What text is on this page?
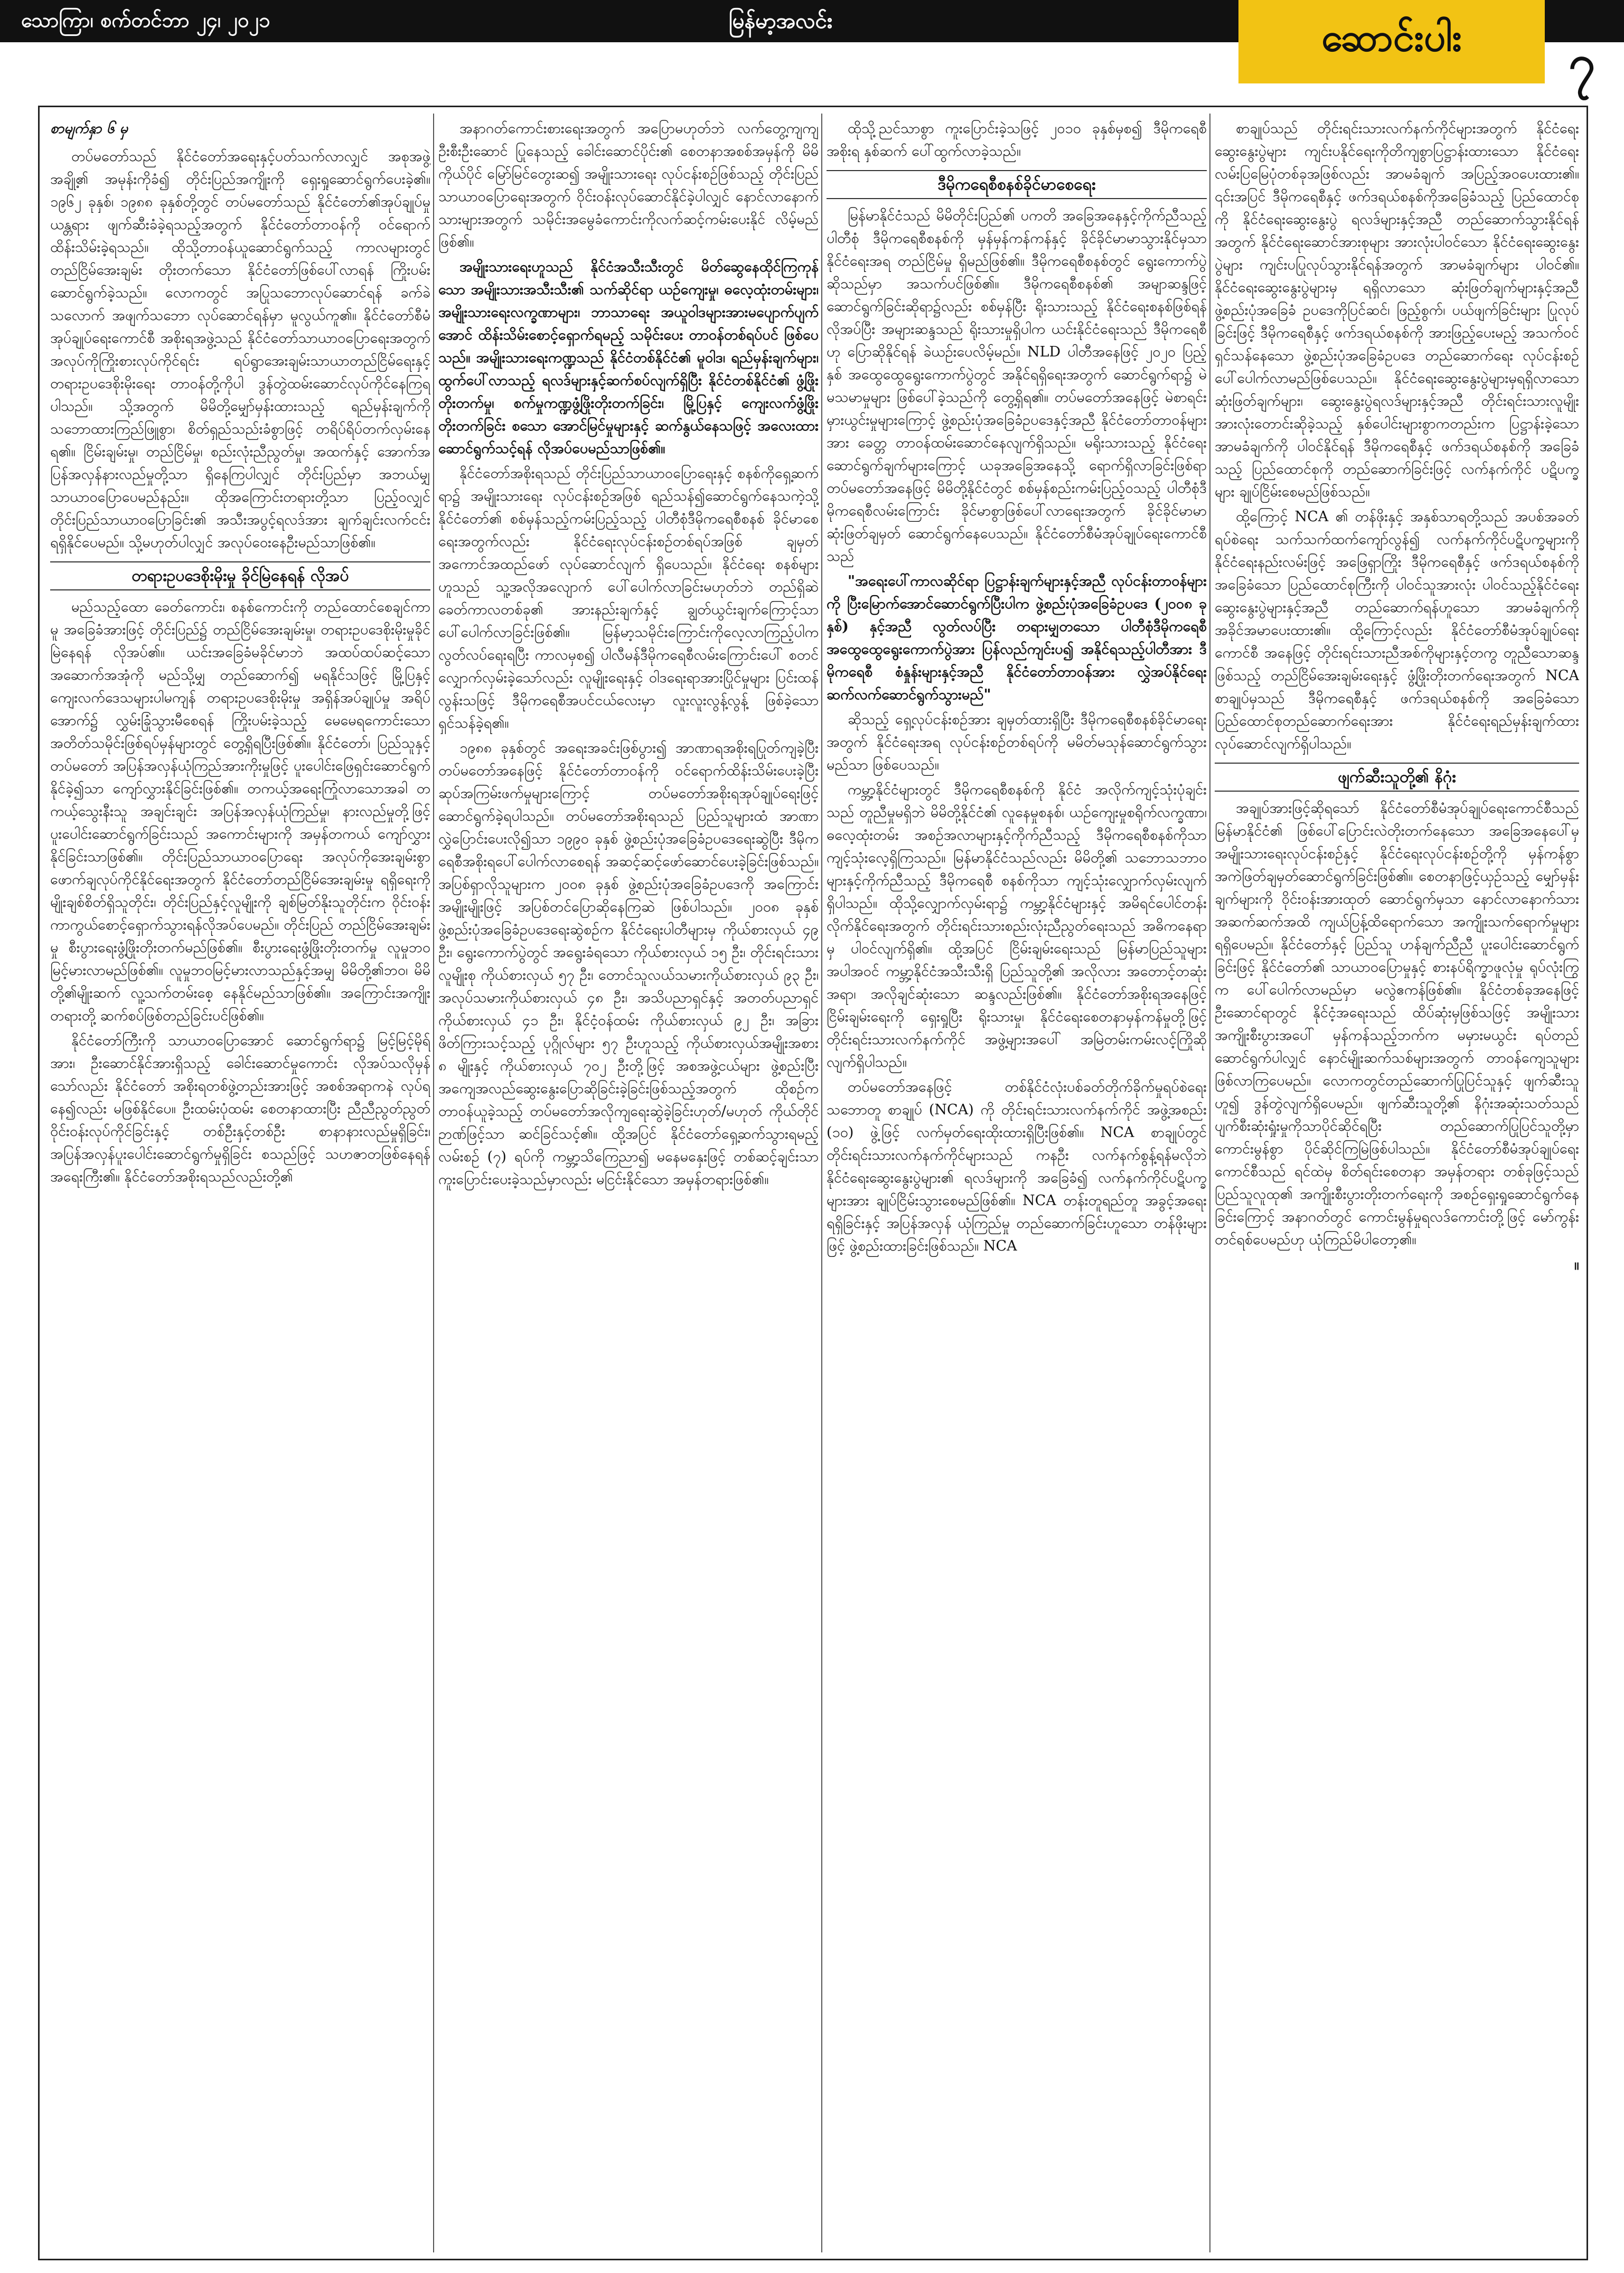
သောကြာ၊ စက်တင်ဘာ ၂၄၊ ၂၀၂၁	မြန်မာ့အလင်း	ဆောင်းပါး	၇

စာမျက်နှာ ၆ မှ

တပ်မတော်သည် နိုင်ငံတော်အရေးနှင့်ပတ်သက်လာလျှင် အစုအဖွဲ့အချို့၏ အမုန်းကိုခံ၍ တိုင်းပြည်အကျိုးကို ရှေးရှုဆောင်ရွက်ပေးခဲ့၏။ ၁၉၆၂ ခုနှစ်၊ ၁၉၈၈ ခုနှစ်တို့တွင် တပ်မတော်သည် နိုင်ငံတော်၏အုပ်ချုပ်မှုယန္တရား ဖျက်ဆီးခံခဲ့ရသည့်အတွက် နိုင်ငံတော်တာဝန်ကို ဝင်ရောက်ထိန်းသိမ်းခဲ့ရသည်။ ထိုသို့တာဝန်ယူဆောင်ရွက်သည့် ကာလများတွင် တည်ငြိမ်အေးချမ်း တိုးတက်သော နိုင်ငံတော်ဖြစ်ပေါ်လာရန် ကြိုးပမ်းဆောင်ရွက်ခဲ့သည်။ လောကတွင် အပြုသဘောလုပ်ဆောင်ရန် ခက်ခဲသလောက် အဖျက်သဘော လုပ်ဆောင်ရန်မှာ မူလွယ်ကူ၏။ နိုင်ငံတော်စီမံအုပ်ချုပ်ရေးကောင်စီ အစိုးရအဖွဲ့သည် နိုင်ငံတော်သာယာဝပြောရေးအတွက် အလုပ်ကိုကြိုးစားလုပ်ကိုင်ရင်း ရပ်ရွာအေးချမ်းသာယာတည်ငြိမ်ရေးနှင့် တရားဥပဒေစိုးမိုးရေး တာဝန်တို့ကိုပါ ဒွန်တွဲထမ်းဆောင်လုပ်ကိုင်နေကြရပါသည်။ သို့အတွက် မိမိတို့မျှော်မှန်းထားသည့် ရည်မှန်းချက်ကို သဘောထားကြည်ဖြူစွာ၊ စိတ်ရှည်သည်းခံစွာဖြင့် တရိပ်ရိပ်တက်လှမ်းနေရ၏။ ငြိမ်းချမ်းမှု၊ တည်ငြိမ်မှု၊ စည်းလုံးညီညွတ်မှု၊ အထက်နှင့် အောက်အပြန်အလှန်နားလည်မှုတို့သာ ရှိနေကြပါလျှင် တိုင်းပြည်မှာ အဘယ်မျှ သာယာဝပြောပေမည်နည်း။ ထိုအကြောင်းတရားတို့သာ ပြည့်ဝလျှင် တိုင်းပြည်သာယာဝပြောခြင်း၏ အသီးအပွင့်ရလဒ်အား ချက်ချင်းလက်ငင်း ရရှိနိုင်ပေမည်။ သို့မဟုတ်ပါလျှင် အလုပ်ဝေးနေဦးမည်သာဖြစ်၏။

တရားဥပဒေစိုးမိုးမှု ခိုင်မြဲနေရန် လိုအပ်

မည်သည့်ထော ခေတ်ကောင်း၊ စနစ်ကောင်းကို တည်ထောင်စေချင်ကာမူ အခြေခံအားဖြင့် တိုင်းပြည်၌ တည်ငြိမ်အေးချမ်းမှု၊ တရားဥပဒေစိုးမိုးမှုခိုင်မြဲနေရန် လိုအပ်၏။ ယင်းအခြေခံမခိုင်မာဘဲ အထပ်ထပ်ဆင့်သော အဆောက်အအုံကို မည်သို့မျှ တည်ဆောက်၍ မရနိုင်သဖြင့် မြို့ပြနှင့် ကျေးလက်ဒေသများပါမကျန် တရားဥပဒေစိုးမိုးမှု အရှိန်အပ်ချုပ်မှု အရိပ်အောက်၌ လွှမ်းခြုံသွားမီစေရန် ကြိုးပမ်းခဲ့သည့် မေမေရကောင်းသော အတိတ်သမိုင်းဖြစ်ရပ်မှန်များတွင် တွေ့ရှိရပြီးဖြစ်၏။ နိုင်ငံတော်၊ ပြည်သူနှင့်တပ်မတော် အပြန်အလှန်ယုံကြည်အားကိုးမှုဖြင့် ပူးပေါင်းဖြေရှင်းဆောင်ရွက်နိုင်ခဲ့၍သာ ကျော်လွှားနိုင်ခြင်းဖြစ်၏။ တကယ့်အရေးကြုံလာသောအခါ တကယ့်သွေးနီးသူ အချင်းချင်း အပြန်အလှန်ယုံကြည်မှု၊ နားလည်မှုတို့ဖြင့် ပူးပေါင်းဆောင်ရွက်ခြင်းသည် အကောင်းများကို အမှန်တကယ် ကျော်လွှားနိုင်ခြင်းသာဖြစ်၏။ တိုင်းပြည်သာယာဝပြောရေး အလုပ်ကိုအေးချမ်းစွာ ဖောက်ချလုပ်ကိုင်နိုင်ရေးအတွက် နိုင်ငံတော်တည်ငြိမ်အေးချမ်းမှု ရရှိရေးကို မျိုးချစ်စိတ်ရှိသူတိုင်း၊ တိုင်းပြည်နှင့်လူမျိုးကို ချစ်မြတ်နိုးသူတိုင်းက ဝိုင်းဝန်း ကာကွယ်စောင့်ရှောက်သွားရန်လိုအပ်ပေမည်။ တိုင်းပြည် တည်ငြိမ်အေးချမ်းမှု စီးပွားရေးဖွံ့ဖြိုးတိုးတက်မည်ဖြစ်၏။ စီးပွားရေးဖွံ့ဖြိုးတိုးတက်မှု လူမှုဘဝမြင့်မားလာမည်ဖြစ်၏။ လူမှုဘဝမြင့်မားလာသည်နှင့်အမျှ မိမိတို့၏ဘဝ၊ မိမိတို့၏မျိုးဆက် လူ့သက်တမ်းစေ့ နေနိုင်မည်သာဖြစ်၏။ အကြောင်းအကျိုးတရားတို့ ဆက်စပ်ဖြစ်တည်ခြင်းပင်ဖြစ်၏။

နိုင်ငံတော်ကြီးကို သာယာဝပြောအောင် ဆောင်ရွက်ရာ၌ မြင့်မြင့်မိုရ်အား၊ ဦးဆောင်နိုင်အားရှိသည့် ခေါင်းဆောင်မှုကောင်း လိုအပ်သလိုမှန်သော်လည်း နိုင်ငံတော် အစိုးရတစ်ဖွဲ့တည်းအားဖြင့် အစစ်အရာကနဲ လုပ်ရနေ၍လည်း မဖြစ်နိုင်ပေ။ ဦးထမ်းပုံထမ်း စေတနာထားပြီး ညီညီညွတ်ညွတ် ဝိုင်းဝန်းလုပ်ကိုင်ခြင်းနှင့် တစ်ဦးနှင့်တစ်ဦး စာနာနားလည်မှုရှိခြင်း၊ အပြန်အလှန်ပူးပေါင်းဆောင်ရွက်မှုရှိခြင်း စသည်ဖြင့် သဟဇာတဖြစ်နေရန် အရေးကြီး၏။ နိုင်ငံတော်အစိုးရသည်လည်းတို့၏

အနာဂတ်ကောင်းစားရေးအတွက် အပြောမဟုတ်ဘဲ လက်တွေ့ကျကျ ဦးစီးဦးဆောင် ပြုနေသည့် ခေါင်းဆောင်ပိုင်း၏ စေတနာအစစ်အမှန်ကို မိမိကိုယ်ပိုင် မြော်မြင်တွေးဆ၍ အမျိုးသားရေး လုပ်ငန်းစဉ်ဖြစ်သည့် တိုင်းပြည်သာယာဝပြောရေးအတွက် ဝိုင်းဝန်းလုပ်ဆောင်နိုင်ခဲ့ပါလျှင် နောင်လာနောက်သားများအတွက် သမိုင်းအမွေခံကောင်းကိုလက်ဆင့်ကမ်းပေးနိုင် လိမ့်မည်ဖြစ်၏။

အမျိုးသားရေးဟူသည် နိုင်ငံအသီးသီးတွင် မိတ်ဆွေနေထိုင်ကြကုန်သော အမျိုးသားအသီးသီး၏ သက်ဆိုင်ရာ ယဉ်ကျေးမှု၊ ဓလေ့ထုံးတမ်းများ၊ အမျိုးသားရေးလက္ခဏာများ၊ ဘာသာရေး အယူဝါဒများအားမပျောက်ပျက်အောင် ထိန်းသိမ်းစောင့်ရှောက်ရမည့် သမိုင်းပေး တာဝန်တစ်ရပ်ပင် ဖြစ်ပေသည်။ အမျိုးသားရေးကဏ္ဍသည် နိုင်ငံတစ်နိုင်ငံ၏ မူဝါဒ၊ ရည်မှန်းချက်များ၊ ထွက်ပေါ်လာသည့် ရလဒ်များနှင့်ဆက်စပ်လျက်ရှိပြီး နိုင်ငံတစ်နိုင်ငံ၏ ဖွံ့ဖြိုးတိုးတက်မှု၊ စက်မှုကဏ္ဍဖွံ့ဖြိုးတိုးတက်ခြင်း၊ မြို့ပြနှင့် ကျေးလက်ဖွံ့ဖြိုးတိုးတက်ခြင်း စသော အောင်မြင်မှုများနှင့် ဆက်နွယ်နေသဖြင့် အလေးထား ဆောင်ရွက်သင့်ရန် လိုအပ်ပေမည်သာဖြစ်၏။

နိုင်ငံတော်အစိုးရသည် တိုင်းပြည်သာယာဝပြောရေးနှင့် စနစ်ကိုရှေ့ဆက်ရာ၌ အမျိုးသားရေး လုပ်ငန်းစဉ်အဖြစ် ရည်သန်၍ဆောင်ရွက်နေသကဲ့သို့ နိုင်ငံတော်၏ စစ်မှန်သည့်ကမ်းပြည့်သည့် ပါတီစုံဒီမိုကရေစီစနစ် ခိုင်မာစေရေးအတွက်လည်း နိုင်ငံရေးလုပ်ငန်းစဉ်တစ်ရပ်အဖြစ် ချမှတ်အကောင်အထည်ဖော် လုပ်ဆောင်လျက် ရှိပေသည်။ နိုင်ငံရေး စနစ်များဟူသည် သူ့အလိုအလျောက် ပေါ်ပေါက်လာခြင်းမဟုတ်ဘဲ တည်ရှိဆဲခေတ်ကာလတစ်ခု၏ အားနည်းချက်နှင့် ချွတ်ယွင်းချက်ကြောင့်သာ ပေါ်ပေါက်လာခြင်းဖြစ်၏။ မြန်မာ့သမိုင်းကြောင်းကိုလေ့လာကြည့်ပါက လွတ်လပ်ရေးရပြီး ကာလမှစ၍ ပါလီမန်ဒီမိုကရေစီလမ်းကြောင်းပေါ် စတင်လျှောက်လှမ်းခဲ့သော်လည်း လူမျိုးရေးနှင့် ဝါဒရေးရာအားပြိုင်မှုများ ပြင်းထန်လွန်းသဖြင့် ဒီမိုကရေစီအပင်ငယ်လေးမှာ လူးလူးလွန့်လွန့် ဖြစ်ခဲ့သော ရှင်သန်ခဲ့ရ၏။

၁၉၈၈ ခုနှစ်တွင် အရေးအခင်းဖြစ်ပွား၍ အာဏာရအစိုးရပြုတ်ကျခဲ့ပြီး တပ်မတော်အနေဖြင့် နိုင်ငံတော်တာဝန်ကို ဝင်ရောက်ထိန်းသိမ်းပေးခဲ့ပြီး ဆုပ်အကြမ်းဖက်မှုများကြောင့် တပ်မတော်အစိုးရအုပ်ချုပ်ရေးဖြင့် ဆောင်ရွက်ခဲ့ရပါသည်။ တပ်မတော်အစိုးရသည် ပြည်သူများထံ အာဏာလွှဲပြောင်းပေးလို၍သာ ၁၉၉၀ ခုနှစ် ဖွဲ့စည်းပုံအခြေခံဥပဒေရေးဆွဲပြီး ဒီမိုကရေစီအစိုးရပေါ်ပေါက်လာစေရန် အဆင့်ဆင့်ဖော်ဆောင်ပေးခဲ့ခြင်းဖြစ်သည်။ အပြစ်ရှာလိုသူများက ၂၀၀၈ ခုနှစ် ဖွဲ့စည်းပုံအခြေခံဥပဒေကို အကြောင်းအမျိုးမျိုးဖြင့် အပြစ်တင်ပြောဆိုနေကြဆဲ ဖြစ်ပါသည်။ ၂၀၀၈ ခုနှစ် ဖွဲ့စည်းပုံအခြေခံဥပဒေရေးဆွဲစဉ်က နိုင်ငံရေးပါတီများမှ ကိုယ်စားလှယ် ၄၉ ဦး၊ ရွေးကောက်ပွဲတွင် အရွေးခံရသော ကိုယ်စားလှယ် ၁၅ ဦး၊ တိုင်းရင်းသားလူမျိုးစု ကိုယ်စားလှယ် ၅၇ ဦး၊ တောင်သူလယ်သမားကိုယ်စားလှယ် ၉၃ ဦး၊ အလုပ်သမားကိုယ်စားလှယ် ၄၈ ဦး၊ အသိပညာရှင်နှင့် အတတ်ပညာရှင် ကိုယ်စားလှယ် ၄၁ ဦး၊ နိုင်ငံ့ဝန်ထမ်း ကိုယ်စားလှယ် ၉၂ ဦး၊ အခြားဖိတ်ကြားသင့်သည့် ပုဂ္ဂိုလ်များ ၅၇ ဦးဟူသည့် ကိုယ်စားလှယ်အမျိုးအစား ၈ မျိုးနှင့် ကိုယ်စားလှယ် ၇၀၂ ဦးတို့ဖြင့် အစအဖွဲ့ငယ်များ ဖွဲ့စည်းပြီး အကျေအလည်ဆွေးနွေးပြောဆိုခြင်းခဲ့ခြင်းဖြစ်သည့်အတွက် ထိုစဉ်က တာဝန်ယူခဲ့သည့် တပ်မတော်အလိုကျရေးဆွဲခဲ့ခြင်းဟုတ်/မဟုတ် ကိုယ်တိုင်ဉာဏ်ဖြင့်သာ ဆင်ခြင်သင့်၏။ ထို့အပြင် နိုင်ငံတော်ရှေ့ဆက်သွားရမည့် လမ်းစဉ် (၇) ရပ်ကို ကမ္ဘာ့သိကြေညာ၍ မနေမနှေးဖြင့် တစ်ဆင့်ချင်းသာ ကူးပြောင်းပေးခဲ့သည်မှာလည်း မငြင်းနိုင်သော အမှန်တရားဖြစ်၏။

ထိုသို့ညင်သာစွာ ကူးပြောင်းခဲ့သဖြင့် ၂၀၁၀ ခုနှစ်မှစ၍ ဒီမိုကရေစီအစိုးရ နှစ်ဆက် ပေါ်ထွက်လာခဲ့သည်။

ဒီမိုကရေစီစနစ်ခိုင်မာစေရေး

မြန်မာနိုင်ငံသည် မိမိတိုင်းပြည်၏ ပကတိ အခြေအနေနှင့်ကိုက်ညီသည့် ပါတီစုံ ဒီမိုကရေစီစနစ်ကို မှန်မှန်ကန်ကန်နှင့် ခိုင်ခိုင်မာမာသွားနိုင်မှသာ နိုင်ငံရေးအရ တည်ငြိမ်မှု ရှိမည်ဖြစ်၏။ ဒီမိုကရေစီစနစ်တွင် ရွေးကောက်ပွဲဆိုသည်မှာ အသက်ပင်ဖြစ်၏။ ဒီမိုကရေစီစနစ်၏ အမျာဆန္ဒဖြင့် ဆောင်ရွက်ခြင်းဆိုရာ၌လည်း စစ်မှန်ပြီး ရိုးသားသည့် နိုင်ငံရေးစနစ်ဖြစ်ရန် လိုအပ်ပြီး အများဆန္ဒသည် ရိုးသားမှုရှိပါက ယင်းနိုင်ငံရေးသည် ဒီမိုကရေစီဟု ပြောဆိုနိုင်ရန် ခဲယဉ်းပေလိမ့်မည်။ NLD ပါတီအနေဖြင့် ၂၀၂၀ ပြည့်နှစ် အထွေထွေရွေးကောက်ပွဲတွင် အနိုင်ရရှိရေးအတွက် ဆောင်ရွက်ရာ၌ မဲမသမာမှုများ ဖြစ်ပေါ်ခဲ့သည်ကို တွေ့ရှိရ၏။ တပ်မတော်အနေဖြင့် မဲစာရင်းမှားယွင်းမှုများကြောင့် ဖွဲ့စည်းပုံအခြေခံဥပဒေနှင့်အညီ နိုင်ငံတော်တာဝန်များအား ခေတ္တ တာဝန်ထမ်းဆောင်နေလျက်ရှိသည်။ မရိုးသားသည့် နိုင်ငံရေးဆောင်ရွက်ချက်များကြောင့် ယခုအခြေအနေသို့ ရောက်ရှိလာခြင်းဖြစ်ရာ တပ်မတော်အနေဖြင့် မိမိတို့နိုင်ငံတွင် စစ်မှန်စည်းကမ်းပြည့်ဝသည့် ပါတီစုံဒီမိုကရေစီလမ်းကြောင်း ခိုင်မာစွာဖြစ်ပေါ်လာရေးအတွက် ခိုင်ခိုင်မာမာ ဆုံးဖြတ်ချမှတ် ဆောင်ရွက်နေပေသည်။ နိုင်ငံတော်စီမံအုပ်ချုပ်ရေးကောင်စီသည်

"အရေးပေါ်ကာလဆိုင်ရာ ပြဋ္ဌာန်းချက်များနှင့်အညီ လုပ်ငန်းတာဝန်များကို ပြီးမြောက်အောင်ဆောင်ရွက်ပြီးပါက ဖွဲ့စည်းပုံအခြေခံဥပဒေ (၂၀၀၈ ခုနှစ်) နှင့်အညီ လွတ်လပ်ပြီး တရားမျှတသော ပါတီစုံဒီမိုကရေစီ အထွေထွေရွေးကောက်ပွဲအား ပြန်လည်ကျင်းပ၍ အနိုင်ရသည့်ပါတီအား ဒီမိုကရေစီ စံနှုန်းများနှင့်အညီ နိုင်ငံတော်တာဝန်အား လွှဲအပ်နိုင်ရေး ဆက်လက်ဆောင်ရွက်သွားမည်"

ဆိုသည့် ရှေ့လုပ်ငန်းစဉ်အား ချမှတ်ထားရှိပြီး ဒီမိုကရေစီစနစ်ခိုင်မာရေးအတွက် နိုင်ငံရေးအရ လုပ်ငန်းစဉ်တစ်ရပ်ကို မမိတ်မသုန်ဆောင်ရွက်သွားမည်သာ ဖြစ်ပေသည်။

ကမ္ဘာ့နိုင်ငံများတွင် ဒီမိုကရေစီစနစ်ကို နိုင်ငံ အလိုက်ကျင့်သုံးပုံချင်းသည် တူညီမှုမရှိဘဲ မိမိတို့နိုင်ငံ၏ လူနေမှုစနစ်၊ ယဉ်ကျေးမှုစရိုက်လက္ခဏာ၊ ဓလေ့ထုံးတမ်း အစဉ်အလာများနှင့်ကိုက်ညီသည့် ဒီမိုကရေစီစနစ်ကိုသာ ကျင့်သုံးလေ့ရှိကြသည်။ မြန်မာနိုင်ငံသည်လည်း မိမိတို့၏ သဘောသဘာဝများနှင့်ကိုက်ညီသည့် ဒီမိုကရေစီ စနစ်ကိုသာ ကျင့်သုံးလျှောက်လှမ်းလျက် ရှိပါသည်။ ထိုသို့လျှောက်လှမ်းရာ၌ ကမ္ဘာ့နိုင်ငံများနှင့် အမိရင်ပေါင်တန်းလိုက်နိုင်ရေးအတွက် တိုင်းရင်းသားစည်းလုံးညီညွတ်ရေးသည် အဓိကနေရာမှ ပါဝင်လျက်ရှိ၏။ ထို့အပြင် ငြိမ်းချမ်းရေးသည် မြန်မာပြည်သူများ အပါအဝင် ကမ္ဘာ့နိုင်ငံအသီးသီးရှိ ပြည်သူတို့၏ အလိုလား အတောင့်တဆုံးအရာ၊ အလိုချင်ဆုံးသော ဆန္ဒလည်းဖြစ်၏။ နိုင်ငံတော်အစိုးရအနေဖြင့် ငြိမ်းချမ်းရေးကို ရှေးရှုပြီး ရိုးသားမှု၊ နိုင်ငံရေးစေတနာမှန်ကန်မှုတို့ဖြင့် တိုင်းရင်းသားလက်နက်ကိုင် အဖွဲ့များအပေါ် အမြဲတမ်းကမ်းလင့်ကြိုဆိုလျက်ရှိပါသည်။

တပ်မတော်အနေဖြင့် တစ်နိုင်ငံလုံးပစ်ခတ်တိုက်ခိုက်မှုရပ်စဲရေးသဘောတူ စာချုပ် (NCA) ကို တိုင်းရင်းသားလက်နက်ကိုင် အဖွဲ့အစည်း (၁၀) ဖွဲ့ဖြင့် လက်မှတ်ရေးထိုးထားရှိပြီးဖြစ်၏။ NCA စာချုပ်တွင် တိုင်းရင်းသားလက်နက်ကိုင်များသည် ကနဦး လက်နက်စွန့်ရန်မလိုဘဲ နိုင်ငံရေးဆွေးနွေးပွဲများ၏ ရလဒ်များကို အခြေခံ၍ လက်နက်ကိုင်ပဋိပက္ခများအား ချုပ်ငြိမ်းသွားစေမည်ဖြစ်၏။ NCA တန်းတူရည်တူ အခွင့်အရေးရရှိခြင်းနှင့် အပြန်အလှန် ယုံကြည်မှု တည်ဆောက်ခြင်းဟူသော တန်ဖိုးများဖြင့် ဖွဲ့စည်းထားခြင်းဖြစ်သည်။ NCA

စာချုပ်သည် တိုင်းရင်းသားလက်နက်ကိုင်များအတွက် နိုင်ငံရေးဆွေးနွေးပွဲများ ကျင်းပနိုင်ရေးကိုတိကျစွာပြဋ္ဌာန်းထားသော နိုင်ငံရေးလမ်းပြမြေပုံတစ်ခုအဖြစ်လည်း အာမခံချက် အပြည့်အဝပေးထား၏။ ၎င်းအပြင် ဒီမိုကရေစီနှင့် ဖက်ဒရယ်စနစ်ကိုအခြေခံသည့် ပြည်ထောင်စုကို နိုင်ငံရေးဆွေးနွေးပွဲ ရလဒ်များနှင့်အညီ တည်ဆောက်သွားနိုင်ရန်အတွက် နိုင်ငံရေးဆောင်အားစုများ အားလုံးပါဝင်သော နိုင်ငံရေးဆွေးနွေးပွဲများ ကျင်းပပြုလုပ်သွားနိုင်ရန်အတွက် အာမခံချက်များ ပါဝင်၏။ နိုင်ငံရေးဆွေးနွေးပွဲများမှ ရရှိလာသော ဆုံးဖြတ်ချက်များနှင့်အညီ ဖွဲ့စည်းပုံအခြေခံ ဥပဒေကိုပြင်ဆင်၊ ဖြည့်စွက်၊ ပယ်ဖျက်ခြင်းများ ပြုလုပ်ခြင်းဖြင့် ဒီမိုကရေစီနှင့် ဖက်ဒရယ်စနစ်ကို အားဖြည့်ပေးမည့် အသက်ဝင်ရှင်သန်နေသော ဖွဲ့စည်းပုံအခြေခံဥပဒေ တည်ဆောက်ရေး လုပ်ငန်းစဉ်ပေါ်ပေါက်လာမည်ဖြစ်ပေသည်။ နိုင်ငံရေးဆွေးနွေးပွဲများမှရရှိလာသော ဆုံးဖြတ်ချက်များ၊ ဆွေးနွေးပွဲရလဒ်များနှင့်အညီ တိုင်းရင်းသားလူမျိုးအားလုံးတောင်းဆိုခဲ့သည့် နှစ်ပေါင်းများစွာကတည်းက ပြဋ္ဌာန်းခဲ့သော အာမခံချက်ကို ပါဝင်နိုင်ရန် ဒီမိုကရေစီနှင့် ဖက်ဒရယ်စနစ်ကို အခြေခံသည့် ပြည်ထောင်စုကို တည်ဆောက်ခြင်းဖြင့် လက်နက်ကိုင် ပဋိပက္ခများ ချုပ်ငြိမ်းစေမည်ဖြစ်သည်။

ထို့ကြောင့် NCA ၏ တန်ဖိုးနှင့် အနှစ်သာရတို့သည် အပစ်အခတ်ရပ်စဲရေး သက်သက်ထက်ကျော်လွန်၍ လက်နက်ကိုင်ပဋိပက္ခများကို နိုင်ငံရေးနည်းလမ်းဖြင့် အဖြေရှာကြိုး ဒီမိုကရေစီနှင့် ဖက်ဒရယ်စနစ်ကို အခြေခံသော ပြည်ထောင်စုကြီးကို ပါဝင်သူအားလုံး ပါဝင်သည့်နိုင်ငံရေးဆွေးနွေးပွဲများနှင့်အညီ တည်ဆောက်ရန်ဟူသော အာမခံချက်ကို အခိုင်အမာပေးထား၏။ ထို့ကြောင့်လည်း နိုင်ငံတော်စီမံအုပ်ချုပ်ရေးကောင်စီ အနေဖြင့် တိုင်းရင်းသားညီအစ်ကိုများနှင့်တကွ တူညီသောဆန္ဒဖြစ်သည့် တည်ငြိမ်အေးချမ်းရေးနှင့် ဖွံ့ဖြိုးတိုးတက်ရေးအတွက် NCA စာချုပ်မှသည် ဒီမိုကရေစီနှင့် ဖက်ဒရယ်စနစ်ကို အခြေခံသော ပြည်ထောင်စုတည်ဆောက်ရေးအား နိုင်ငံရေးရည်မှန်းချက်ထား လုပ်ဆောင်လျက်ရှိပါသည်။

ဖျက်ဆီးသူတို့၏ နိဂုံး

အချုပ်အားဖြင့်ဆိုရသော် နိုင်ငံတော်စီမံအုပ်ချုပ်ရေးကောင်စီသည် မြန်မာနိုင်ငံ၏ ဖြစ်ပေါ်ပြောင်းလဲတိုးတက်နေသော အခြေအနေပေါ်မှ အမျိုးသားရေးလုပ်ငန်းစဉ်နှင့် နိုင်ငံရေးလုပ်ငန်းစဉ်တို့ကို မှန်ကန်စွာ အကဲဖြတ်ချမှတ်ဆောင်ရွက်ခြင်းဖြစ်၏။ စေတနာဖြင့်ယှဉ်သည့် မျှော်မှန်းချက်များကို ဝိုင်းဝန်းအားထုတ် ဆောင်ရွက်မှသာ နောင်လာနောက်သားအဆက်ဆက်အထိ ကျယ်ပြန့်ထိရောက်သော အကျိုးသက်ရောက်မှုများ ရရှိပေမည်။ နိုင်ငံတော်နှင့် ပြည်သူ ဟန်ချက်ညီညီ ပူးပေါင်းဆောင်ရွက်ခြင်းဖြင့် နိုင်ငံတော်၏ သာယာဝပြောမှုနှင့် စားနပ်ရိက္ခာဖူလုံမှု ရုပ်လုံးကြွက ပေါ်ပေါက်လာမည်မှာ မလွဲဧကန်ဖြစ်၏။ နိုင်ငံတစ်ခုအနေဖြင့် ဦးဆောင်ရာတွင် နိုင်ငံ့အရေးသည် ထိပ်ဆုံးမှဖြစ်သဖြင့် အမျိုးသားအကျိုးစီးပွားအပေါ် မှန်ကန်သည့်ဘက်က မမှားမယွင်း ရပ်တည်ဆောင်ရွက်ပါလျှင် နောင်မျိုးဆက်သစ်များအတွက် တာဝန်ကျေသူများဖြစ်လာကြပေမည်။ လောကတွင်တည်ဆောက်ပြုပြင်သူနှင့် ဖျက်ဆီးသူဟူ၍ ဒွန်တွဲလျက်ရှိပေမည်။ ဖျက်ဆီးသူတို့၏ နိဂုံးအဆုံးသတ်သည် ပျက်စီးဆုံးရှုံးမှုကိုသာပိုင်ဆိုင်ရပြီး တည်ဆောက်ပြုပြင်သူတို့မှာ ကောင်းမွန်စွာ ပိုင်ဆိုင်ကြမြဲဖြစ်ပါသည်။ နိုင်ငံတော်စီမံအုပ်ချုပ်ရေးကောင်စီသည် ရင်ထဲမှ စိတ်ရင်းစေတနာ အမှန်တရား တစ်ခုဖြင့်သည် ပြည်သူလူထု၏ အကျိုးစီးပွားတိုးတက်ရေးကို အစဉ်ရှေးရှုဆောင်ရွက်နေခြင်းကြောင့် အနာဂတ်တွင် ကောင်းမွန်မှုရလဒ်ကောင်းတို့ဖြင့် မော်ကွန်းတင်ရစ်ပေမည်ဟု ယုံကြည်မိပါတော့၏။

။
